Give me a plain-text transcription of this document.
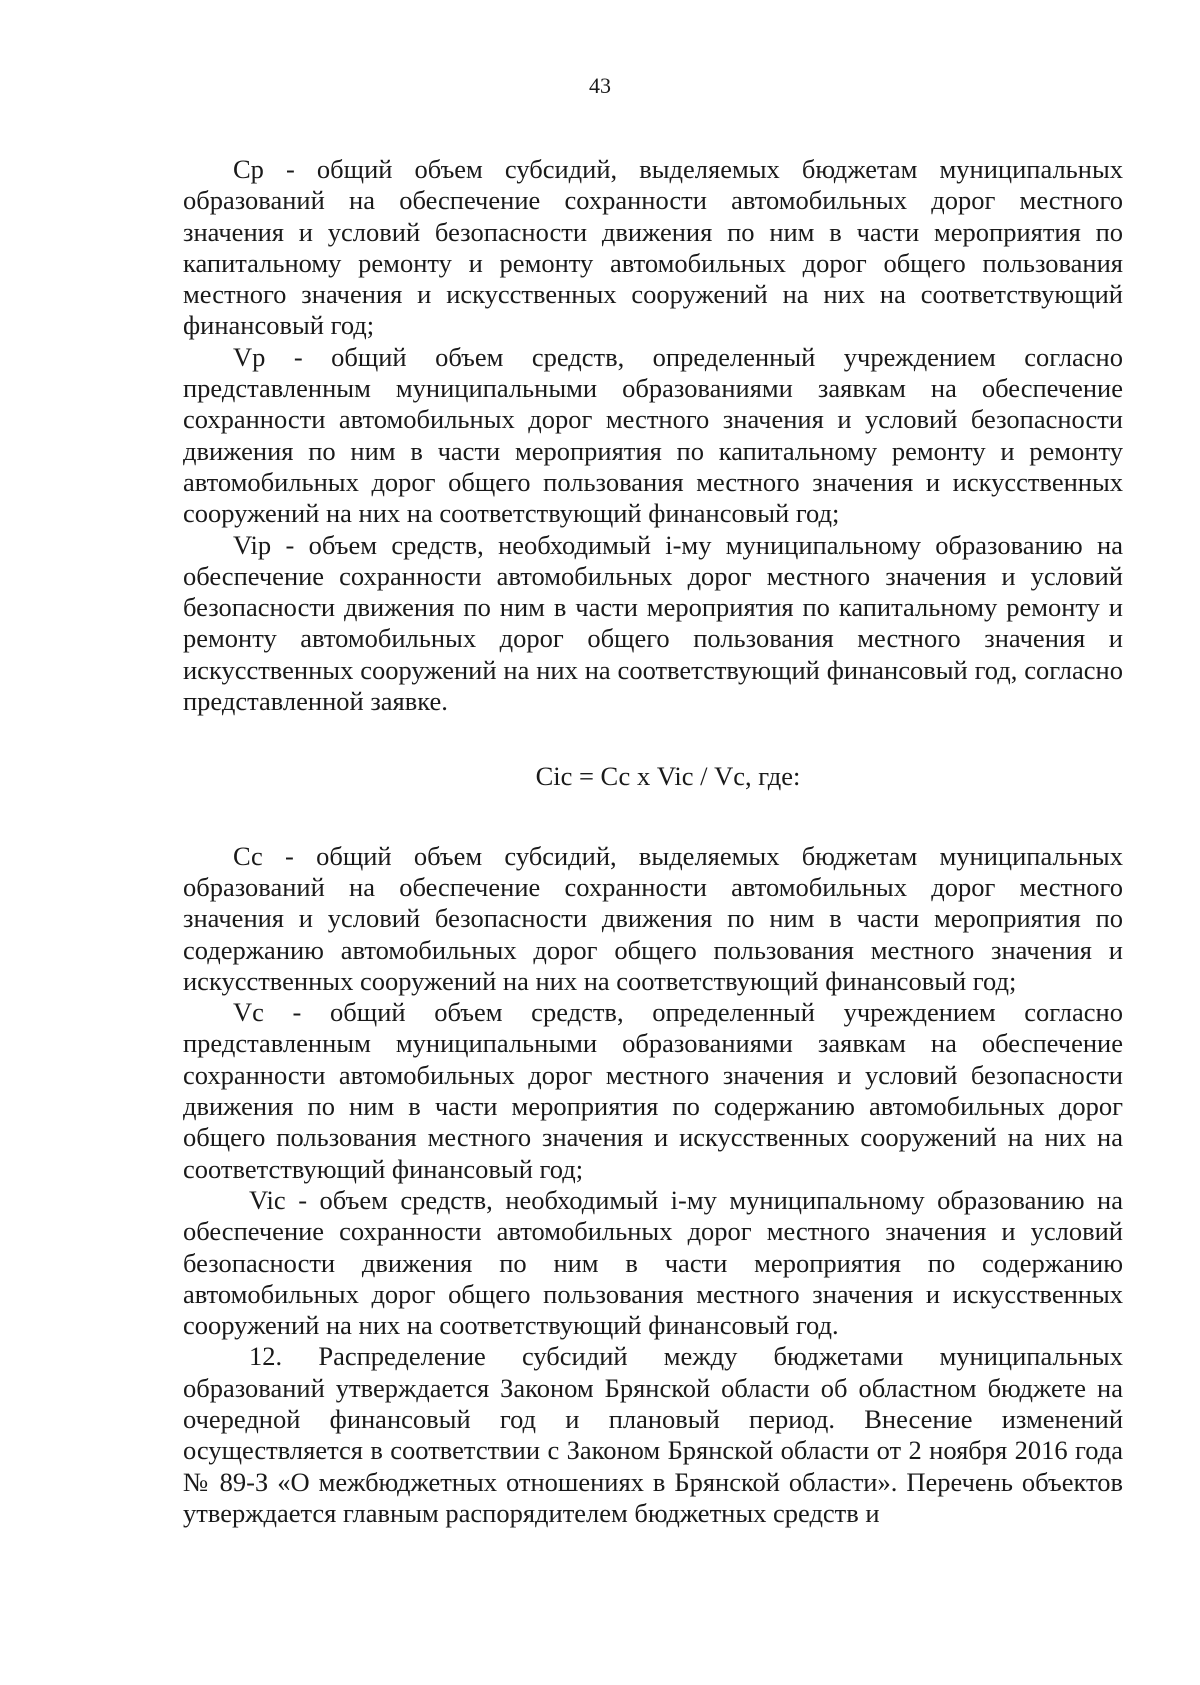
43

Ср - общий объем субсидий, выделяемых бюджетам муниципальных образований на обеспечение сохранности автомобильных дорог местного значения и условий безопасности движения по ним в части мероприятия по капитальному ремонту и ремонту автомобильных дорог общего пользования местного значения и искусственных сооружений на них на соответствующий финансовый год;

Vp - общий объем средств, определенный учреждением согласно представленным муниципальными образованиями заявкам на обеспечение сохранности автомобильных дорог местного значения и условий безопасности движения по ним в части мероприятия по капитальному ремонту и ремонту автомобильных дорог общего пользования местного значения и искусственных сооружений на них на соответствующий финансовый год;

Vip - объем средств, необходимый i-му муниципальному образованию на обеспечение сохранности автомобильных дорог местного значения и условий безопасности движения по ним в части мероприятия по капитальному ремонту и ремонту автомобильных дорог общего пользования местного значения и искусственных сооружений на них на соответствующий финансовый год, согласно представленной заявке.

Ciс = Сс х Viс / Vс, где:

Сс - общий объем субсидий, выделяемых бюджетам муниципальных образований на обеспечение сохранности автомобильных дорог местного значения и условий безопасности движения по ним в части мероприятия по содержанию автомобильных дорог общего пользования местного значения и искусственных сооружений на них на соответствующий финансовый год;

Vс - общий объем средств, определенный учреждением согласно представленным муниципальными образованиями заявкам на обеспечение сохранности автомобильных дорог местного значения и условий безопасности движения по ним в части мероприятия по содержанию автомобильных дорог общего пользования местного значения и искусственных сооружений на них на соответствующий финансовый год;

Viс - объем средств, необходимый i-му муниципальному образованию на обеспечение сохранности автомобильных дорог местного значения и условий безопасности движения по ним в части мероприятия по содержанию автомобильных дорог общего пользования местного значения и искусственных сооружений на них на соответствующий финансовый год.

12. Распределение субсидий между бюджетами муниципальных образований утверждается Законом Брянской области об областном бюджете на очередной финансовый год и плановый период. Внесение изменений осуществляется в соответствии с Законом Брянской области от 2 ноября 2016 года № 89-З «О межбюджетных отношениях в Брянской области». Перечень объектов утверждается главным распорядителем бюджетных средств и
